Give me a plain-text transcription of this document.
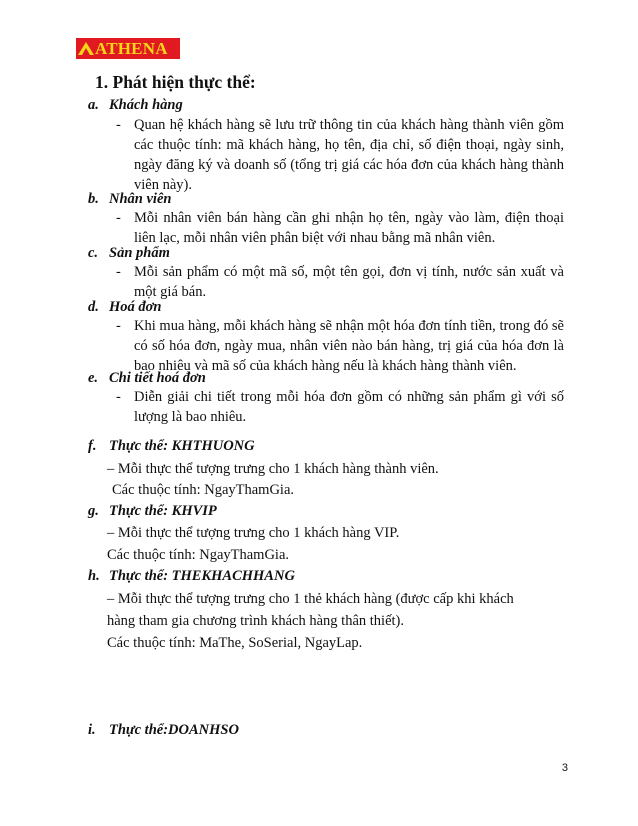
ATHENA
1. Phát hiện thực thể:
a. Khách hàng
- Quan hệ khách hàng sẽ lưu trữ thông tin của khách hàng thành viên gồm các thuộc tính: mã khách hàng, họ tên, địa chỉ, số điện thoại, ngày sinh, ngày đăng ký và doanh số (tổng trị giá các hóa đơn của khách hàng thành viên này).
b. Nhân viên
- Mỗi nhân viên bán hàng cần ghi nhận họ tên, ngày vào làm, điện thoại liên lạc, mỗi nhân viên phân biệt với nhau bằng mã nhân viên.
c. Sản phẩm
- Mỗi sản phẩm có một mã số, một tên gọi, đơn vị tính, nước sản xuất và một giá bán.
d. Hoá đơn
- Khi mua hàng, mỗi khách hàng sẽ nhận một hóa đơn tính tiền, trong đó sẽ có số hóa đơn, ngày mua, nhân viên nào bán hàng, trị giá của hóa đơn là bao nhiêu và mã số của khách hàng nếu là khách hàng thành viên.
e. Chi tiết hoá đơn
- Diễn giải chi tiết trong mỗi hóa đơn gồm có những sản phẩm gì với số lượng là bao nhiêu.
f. Thực thể: KHTHUONG
– Mỗi thực thể tượng trưng cho 1 khách hàng thành viên.
Các thuộc tính: NgayThamGia.
g. Thực thể: KHVIP
– Mỗi thực thể tượng trưng cho 1 khách hàng VIP.
Các thuộc tính: NgayThamGia.
h. Thực thể: THEKHACHHANG
– Mỗi thực thể tượng trưng cho 1 thẻ khách hàng (được cấp khi khách
hàng tham gia chương trình khách hàng thân thiết).
Các thuộc tính: MaThe, SoSerial, NgayLap.
i. Thực thể:DOANHSO
3
